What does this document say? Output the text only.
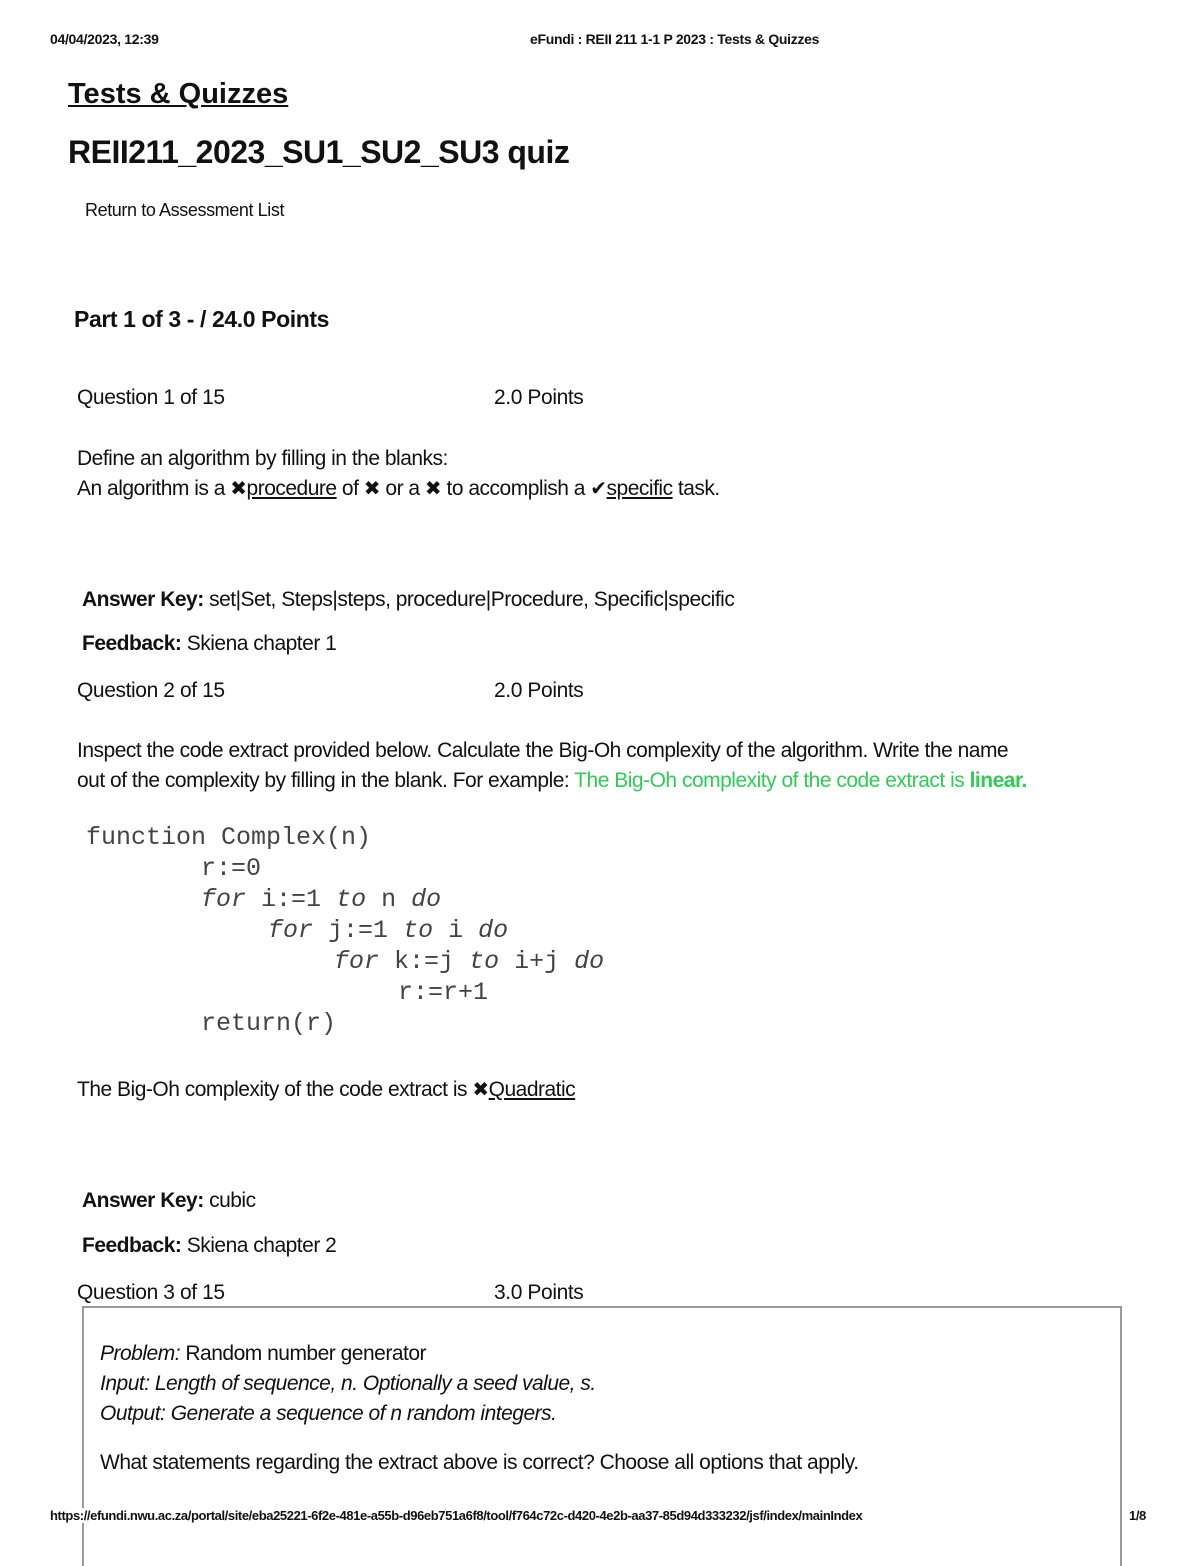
04/04/2023, 12:39	eFundi : REII 211 1-1 P 2023 : Tests & Quizzes
Tests & Quizzes
REII211_2023_SU1_SU2_SU3 quiz
Return to Assessment List
Part 1 of 3 - / 24.0 Points
Question 1 of 15	2.0 Points
Define an algorithm by filling in the blanks:
An algorithm is a ✖procedure of ✖ or a ✖ to accomplish a ✔specific task.
Answer Key: set|Set, Steps|steps, procedure|Procedure, Specific|specific
Feedback: Skiena chapter 1
Question 2 of 15	2.0 Points
Inspect the code extract provided below. Calculate the Big-Oh complexity of the algorithm. Write the name
out of the complexity by filling in the blank. For example: The Big-Oh complexity of the code extract is linear.
function Complex(n)
r:=0
for i:=1 to n do
for j:=1 to i do
for k:=j to i+j do
r:=r+1
return(r)
The Big-Oh complexity of the code extract is ✖Quadratic
Answer Key: cubic
Feedback: Skiena chapter 2
Question 3 of 15	3.0 Points
Problem: Random number generator
Input: Length of sequence, n. Optionally a seed value, s.
Output: Generate a sequence of n random integers.
What statements regarding the extract above is correct? Choose all options that apply.
https://efundi.nwu.ac.za/portal/site/eba25221-6f2e-481e-a55b-d96eb751a6f8/tool/f764c72c-d420-4e2b-aa37-85d94d333232/jsf/index/mainIndex	1/8
